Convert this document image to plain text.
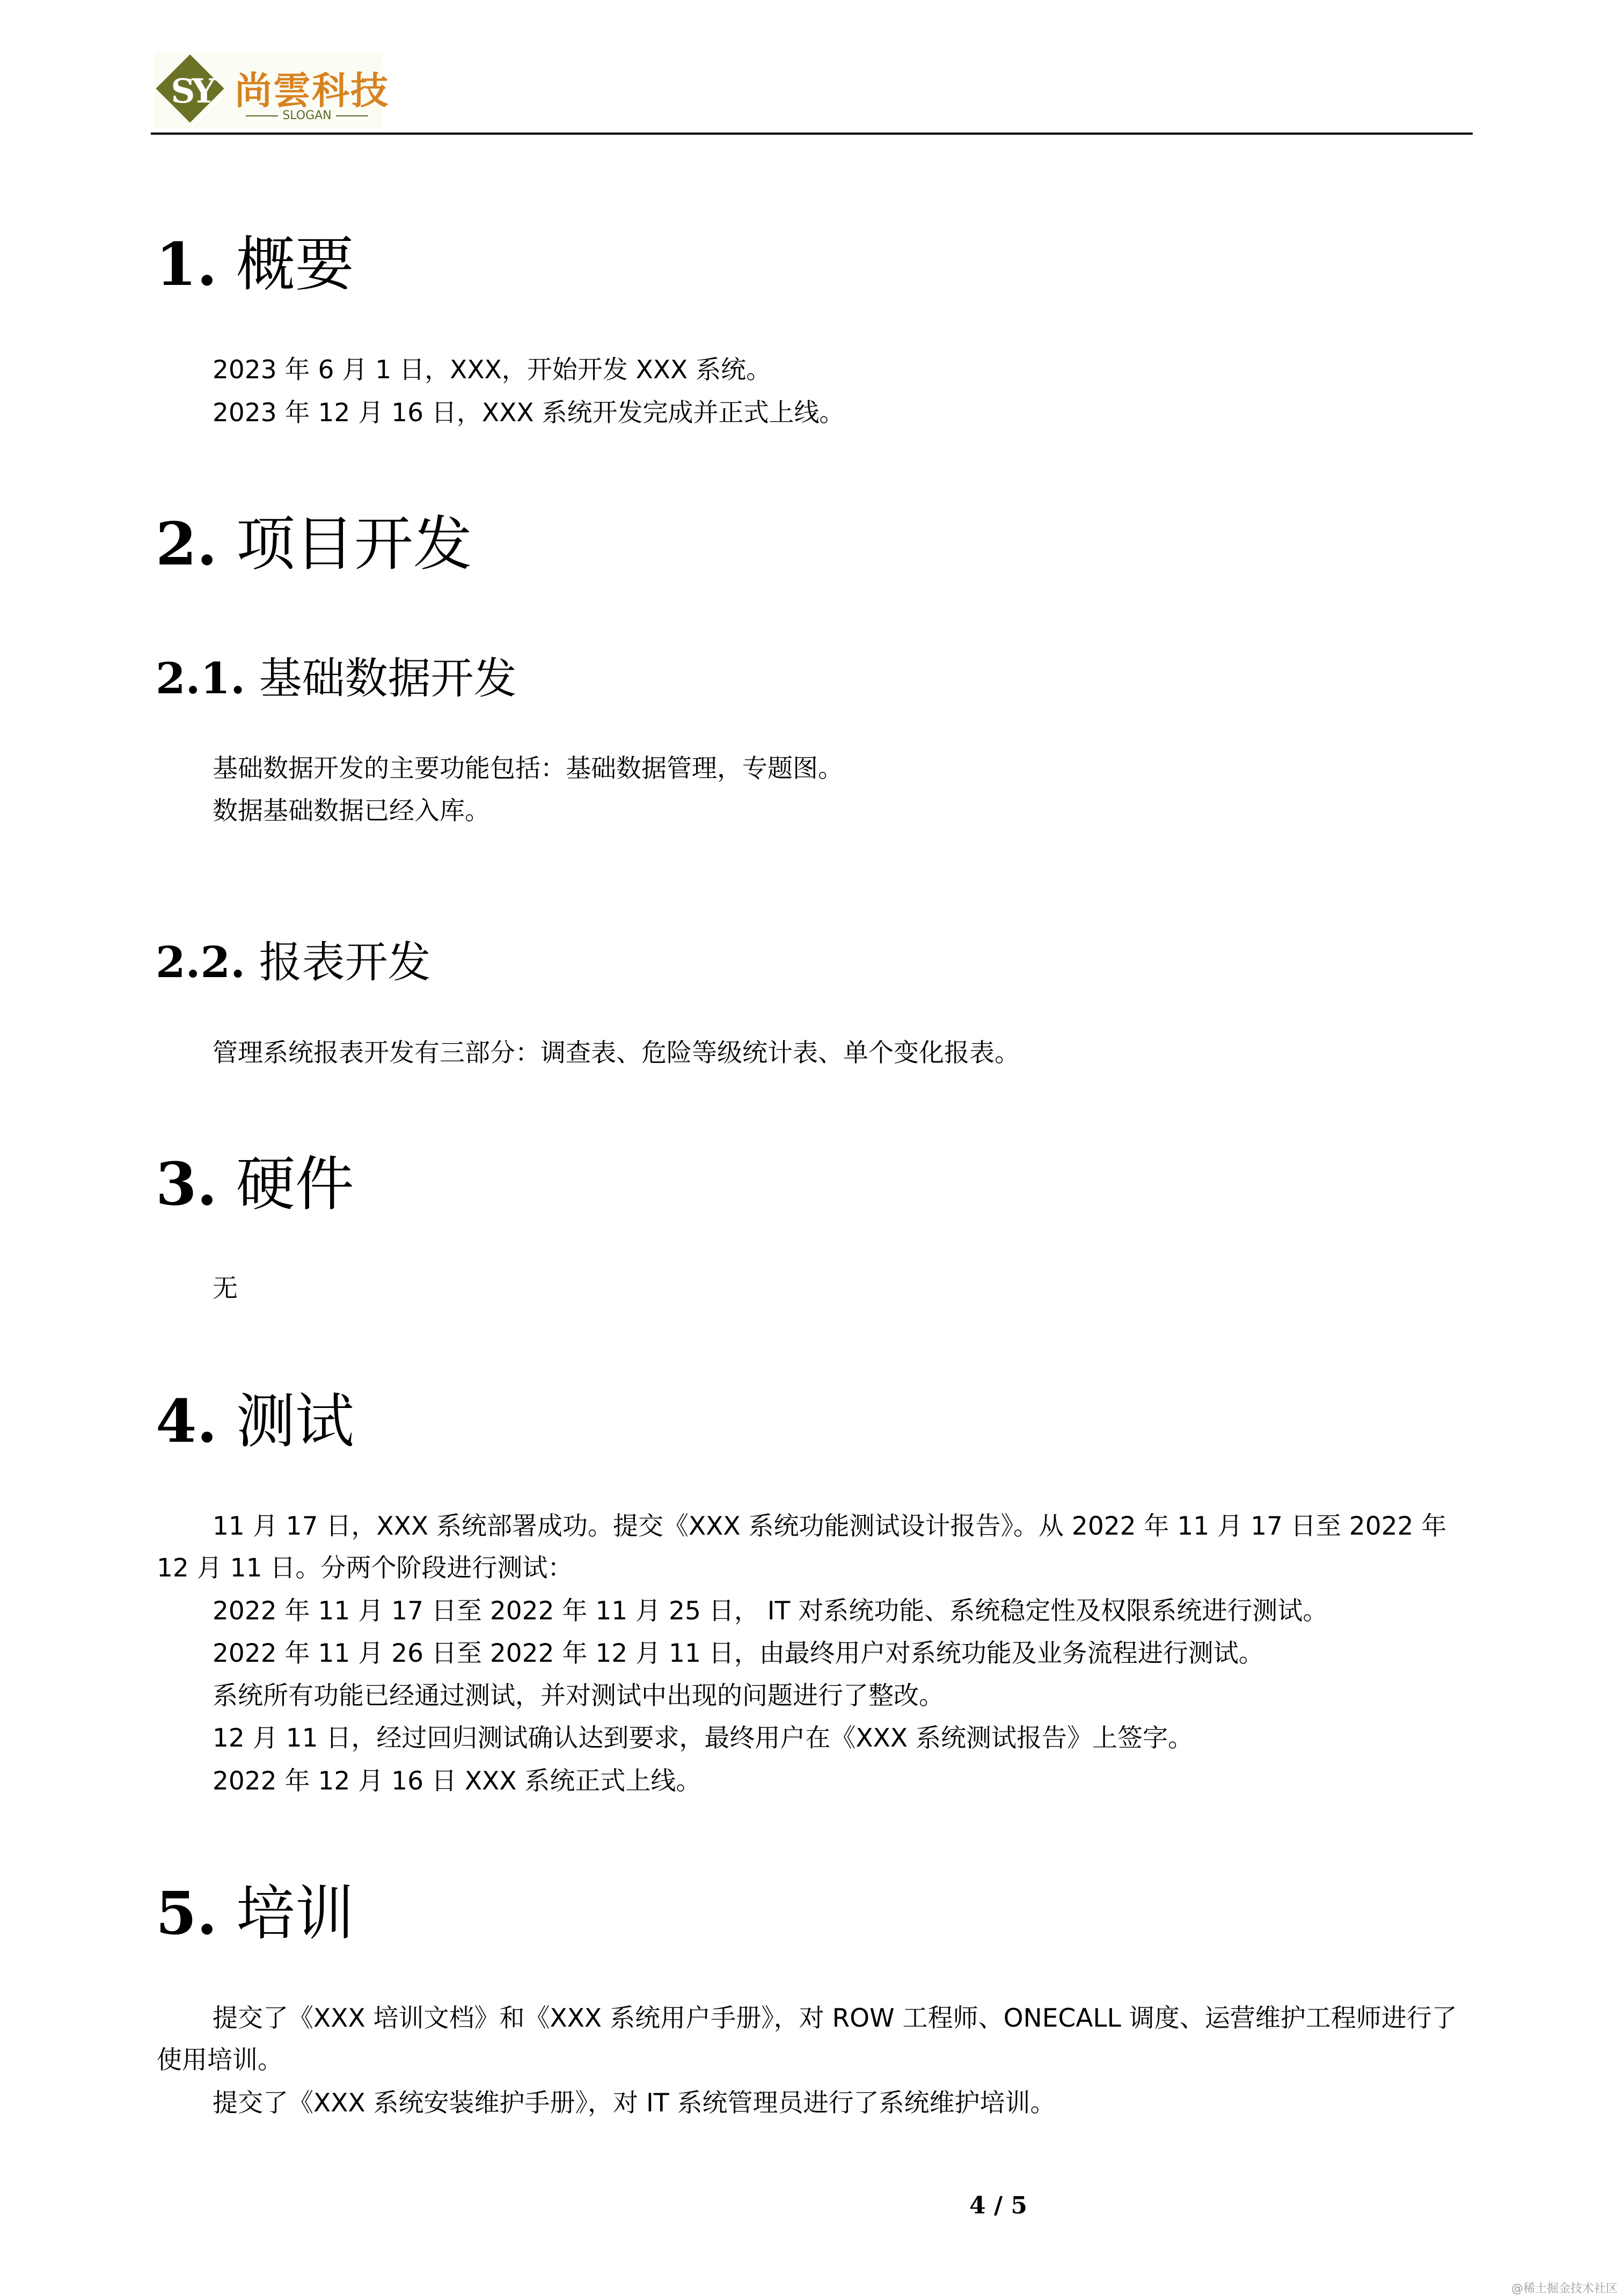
SY 尚雲科技
SLOGAN
1. 概要
2023 年 6 月 1 日，XXX，开始开发 XXX 系统。
2023 年 12 月 16 日，XXX 系统开发完成并正式上线。
2. 项目开发
2.1. 基础数据开发
基础数据开发的主要功能包括：基础数据管理，专题图。
数据基础数据已经入库。
2.2. 报表开发
管理系统报表开发有三部分：调查表、危险等级统计表、单个变化报表。
3. 硬件
无
4. 测试
11 月 17 日，XXX 系统部署成功。提交《XXX 系统功能测试设计报告》。从 2022 年 11 月 17 日至 2022 年 12 月 11 日。分两个阶段进行测试：
2022 年 11 月 17 日至 2022 年 11 月 25 日， IT 对系统功能、系统稳定性及权限系统进行测试。
2022 年 11 月 26 日至 2022 年 12 月 11 日，由最终用户对系统功能及业务流程进行测试。
系统所有功能已经通过测试，并对测试中出现的问题进行了整改。
12 月 11 日，经过回归测试确认达到要求，最终用户在《XXX 系统测试报告》上签字。
2022 年 12 月 16 日 XXX 系统正式上线。
5. 培训
提交了《XXX 培训文档》和《XXX 系统用户手册》，对 ROW 工程师、ONECALL 调度、运营维护工程师进行了使用培训。
提交了《XXX 系统安装维护手册》，对 IT 系统管理员进行了系统维护培训。
4 / 5
@稀土掘金技术社区
